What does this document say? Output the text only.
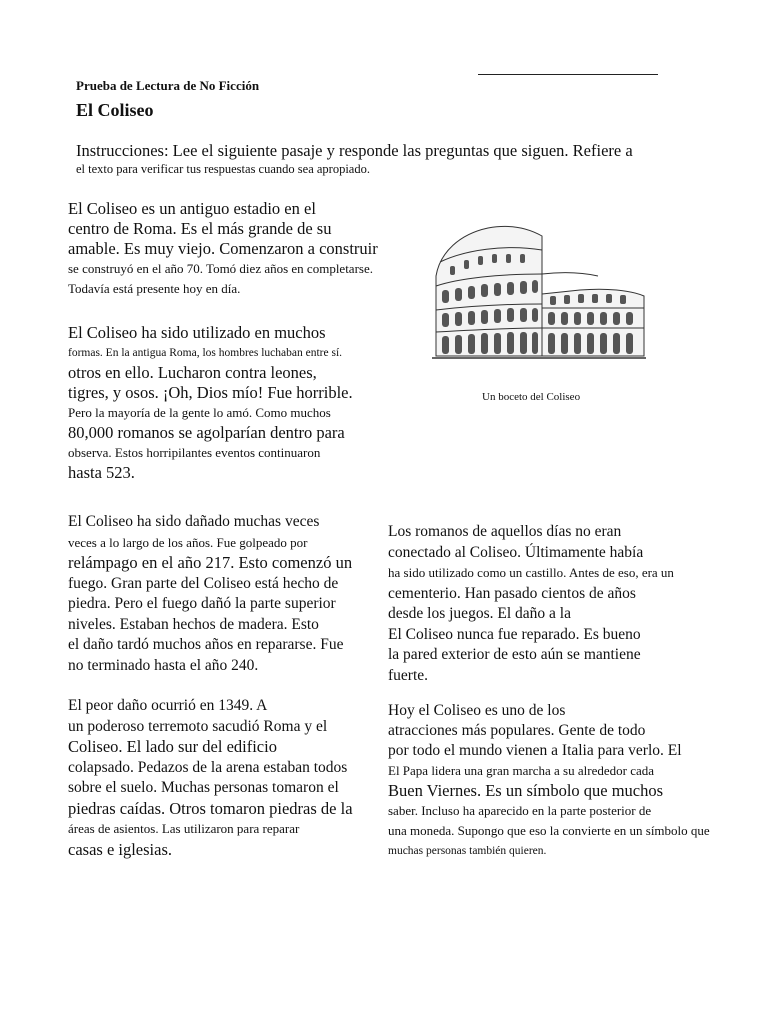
Prueba de Lectura de No Ficción
El Coliseo
Instrucciones: Lee el siguiente pasaje y responde las preguntas que siguen. Refiere a
el texto para verificar tus respuestas cuando sea apropiado.
El Coliseo es un antiguo estadio en el
centro de Roma. Es el más grande de su
amable. Es muy viejo. Comenzaron a construir
se construyó en el año 70. Tomó diez años en completarse.
Todavía está presente hoy en día.
El Coliseo ha sido utilizado en muchos
formas. En la antigua Roma, los hombres luchaban entre sí.
otros en ello. Lucharon contra leones,
tigres, y osos. ¡Oh, Dios mío! Fue horrible.
Pero la mayoría de la gente lo amó. Como muchos
80,000 romanos se agolparían dentro para
observa. Estos horripilantes eventos continuaron
hasta 523.
El Coliseo ha sido dañado muchas veces
veces a lo largo de los años. Fue golpeado por
relámpago en el año 217. Esto comenzó un
fuego. Gran parte del Coliseo está hecho de
piedra. Pero el fuego dañó la parte superior
niveles. Estaban hechos de madera. Esto
el daño tardó muchos años en repararse. Fue
no terminado hasta el año 240.
Los romanos de aquellos días no eran
conectado al Coliseo. Últimamente había
ha sido utilizado como un castillo. Antes de eso, era un
cementerio. Han pasado cientos de años
desde los juegos. El daño a la
El Coliseo nunca fue reparado. Es bueno
la pared exterior de esto aún se mantiene
fuerte.
El peor daño ocurrió en 1349. A
un poderoso terremoto sacudió Roma y el
Coliseo. El lado sur del edificio
colapsado. Pedazos de la arena estaban todos
sobre el suelo. Muchas personas tomaron el
piedras caídas. Otros tomaron piedras de la
áreas de asientos. Las utilizaron para reparar
casas e iglesias.
Hoy el Coliseo es uno de los
atracciones más populares. Gente de todo
por todo el mundo vienen a Italia para verlo. El
El Papa lidera una gran marcha a su alrededor cada
Buen Viernes. Es un símbolo que muchos
saber. Incluso ha aparecido en la parte posterior de
una moneda. Supongo que eso la convierte en un símbolo que
muchas personas también quieren.
Un boceto del Coliseo
